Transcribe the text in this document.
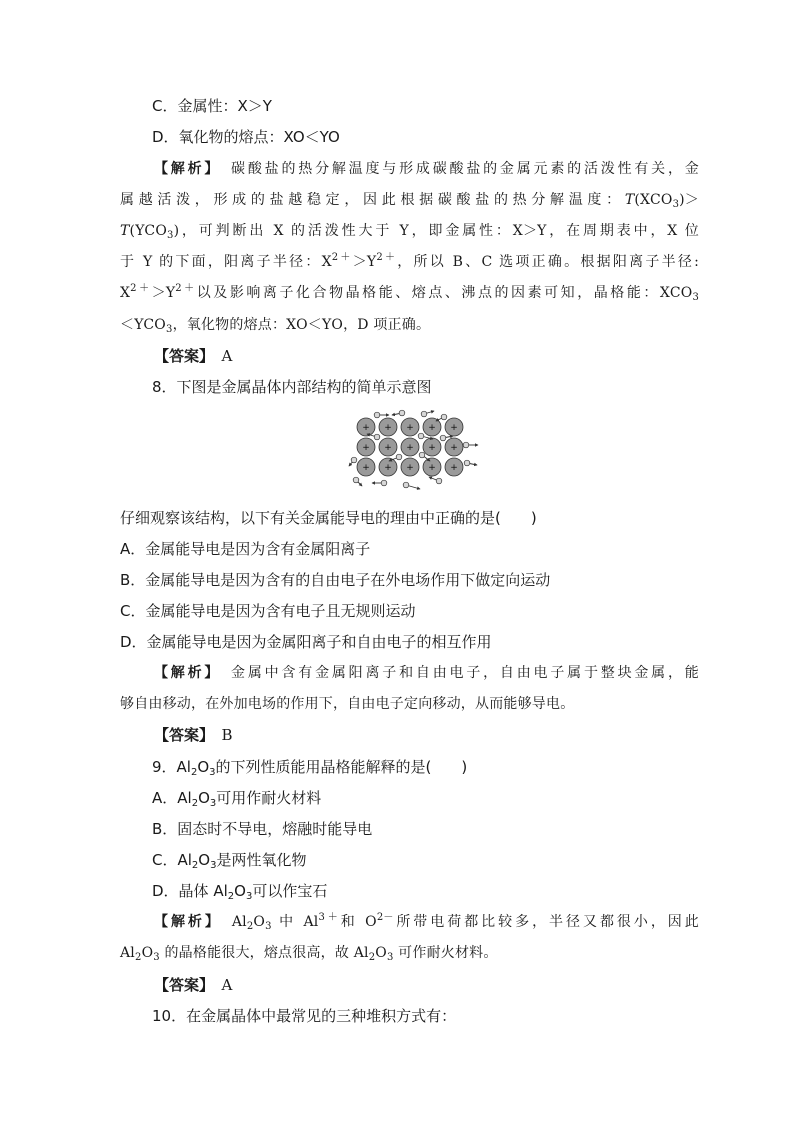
C．金属性：X＞Y
D．氧化物的熔点：XO＜YO
【解析】　碳酸盐的热分解温度与形成碳酸盐的金属元素的活泼性有关，金
属越活泼，形成的盐越稳定，因此根据碳酸盐的热分解温度：$T(XCO_3)>$
$T(YCO_3)$，可判断出 X 的活泼性大于 Y，即金属性：X＞Y，在周期表中，X 位
于 Y 的下面，阳离子半径：$X^{2+}>Y^{2+}$，所以 B、C 选项正确。根据阳离子半径:
$X^{2+}>Y^{2+}$以及影响离子化合物晶格能、熔点、沸点的因素可知，晶格能：$XCO_3$
$<YCO_3$，氧化物的熔点：XO＜YO，D 项正确。
【答案】　 A
8．下图是金属晶体内部结构的简单示意图
+ + + + +
+ + + + +
+ + + + +
仔细观察该结构，以下有关金属能导电的理由中正确的是(　　)
A．金属能导电是因为含有金属阳离子
B．金属能导电是因为含有的自由电子在外电场作用下做定向运动
C．金属能导电是因为含有电子且无规则运动
D．金属能导电是因为金属阳离子和自由电子的相互作用
【解析】　 金属中含有金属阳离子和自由电子，自由电子属于整块金属，能
够自由移动，在外加电场的作用下，自由电子定向移动，从而能够导电。
【答案】　 B
9．$Al_2O_3$的下列性质能用晶格能解释的是(　　)
A．$Al_2O_3$可用作耐火材料
B．固态时不导电，熔融时能导电
C．$Al_2O_3$是两性氧化物
D．晶体 $Al_2O_3$可以作宝石
【解析】　$Al_2O_3$ 中 $Al^{3+}$和 $O^{2-}$所带电荷都比较多，半径又都很小，因此
$Al_2O_3$ 的晶格能很大，熔点很高，故 $Al_2O_3$ 可作耐火材料。
【答案】　 A
10．在金属晶体中最常见的三种堆积方式有：
